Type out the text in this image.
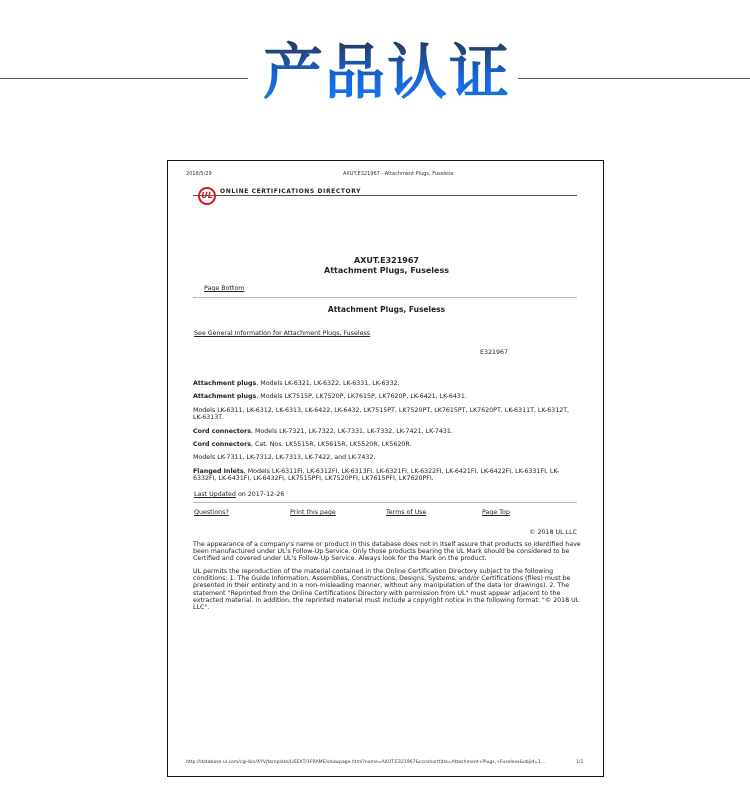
产品认证
2018/5/29	AXUT.E321967 - Attachment Plugs, Fuseless
ONLINE CERTIFICATIONS DIRECTORY
AXUT.E321967
Attachment Plugs, Fuseless
Page Bottom
Attachment Plugs, Fuseless
See General Information for Attachment Plugs, Fuseless
E321967
Attachment plugs, Models LK-6321, LK-6322, LK-6331, LK-6332.
Attachment plugs, Models LK7515P, LK7520P, LK7615P, LK7620P, LK-6421, LK-6431.
Models LK-6311, LK-6312, LK-6313, LK-6422, LK-6432, LK7515PT, LK7520PT, LK7615PT, LK7620PT, LK-6311T, LK-6312T, LK-6313T.
Cord connectors, Models LK-7321, LK-7322, LK-7331, LK-7332, LK-7421, LK-7431.
Cord connectors, Cat. Nos. LK5515R, LK5615R, LK5520R, LK5620R.
Models LK-7311, LK-7312, LK-7313, LK-7422, and LK-7432.
Flanged Inlets, Models LK-6311FI, LK-6312FI, LK-6313FI, LK-6321FI, LK-6322FI, LK-6421FI, LK-6422FI, LK-6331FI, LK-6332FI, LK-6431FI, LK-6432FI, LK7515PFI, LK7520PFI, LK7615PFI, LK7620PFI.
Last Updated on 2017-12-26
Questions?	Print this page	Terms of Use	Page Top
© 2018 UL LLC
The appearance of a company's name or product in this database does not in itself assure that products so identified have been manufactured under UL's Follow-Up Service. Only those products bearing the UL Mark should be considered to be Certified and covered under UL's Follow-Up Service. Always look for the Mark on the product.
UL permits the reproduction of the material contained in the Online Certification Directory subject to the following conditions: 1. The Guide Information, Assemblies, Constructions, Designs, Systems, and/or Certifications (files) must be presented in their entirety and in a non-misleading manner, without any manipulation of the data (or drawings). 2. The statement "Reprinted from the Online Certifications Directory with permission from UL" must appear adjacent to the extracted material. In addition, the reprinted material must include a copyright notice in the following format: "© 2018 UL LLC".
http://database.ul.com/cgi-bin/XYV/template/LISEXT/1FRAME/showpage.html?name=AXUT.E321967&ccnshorttitle=Attachment+Plugs,+Fuseless&objid=1...	1/1
